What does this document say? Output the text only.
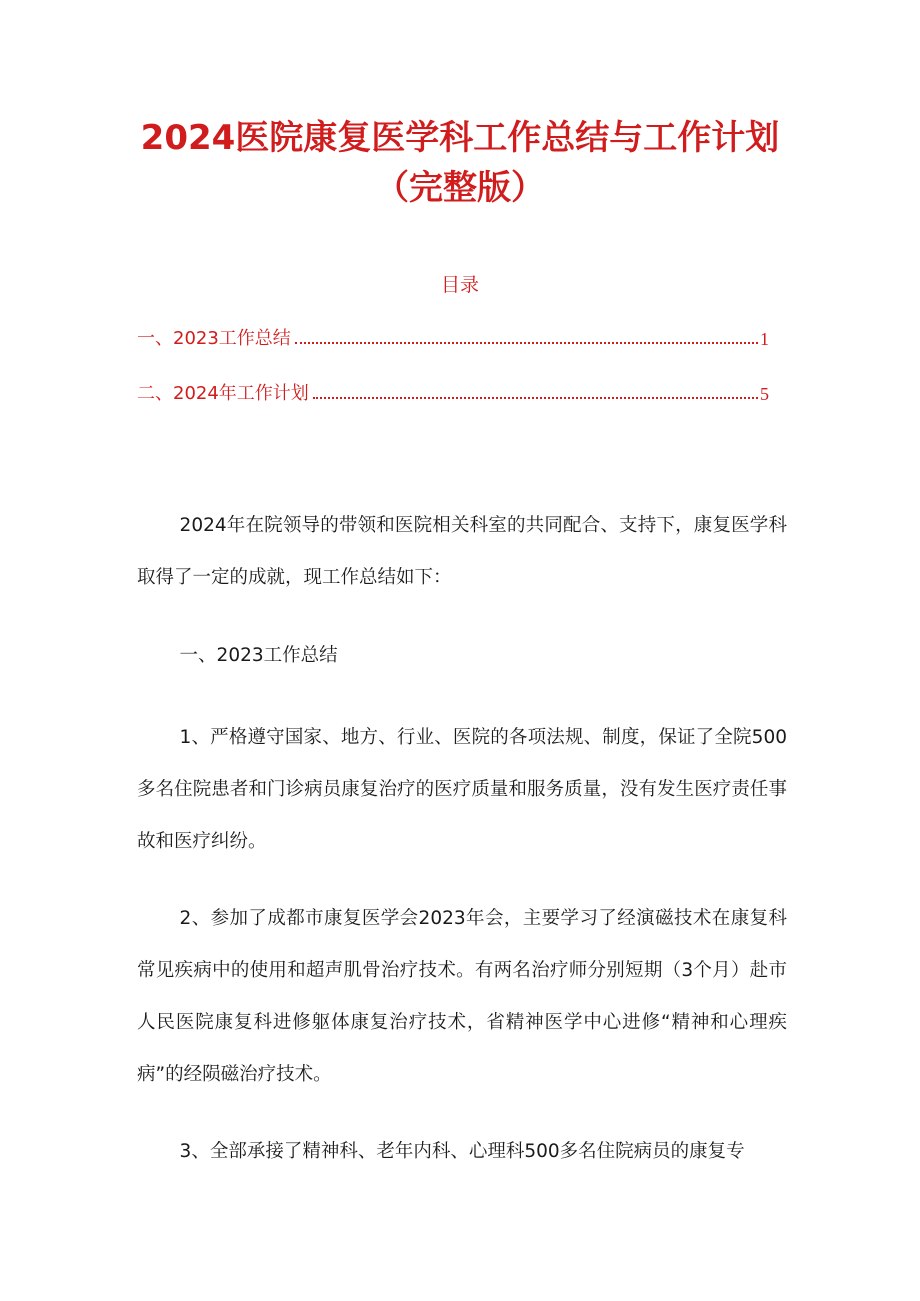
2024医院康复医学科工作总结与工作计划
（完整版）
目录
一、2023工作总结	1
二、2024年工作计划	5

2024年在院领导的带领和医院相关科室的共同配合、支持下，康复医学科取得了一定的成就，现工作总结如下：

一、2023工作总结

1、严格遵守国家、地方、行业、医院的各项法规、制度，保证了全院500多名住院患者和门诊病员康复治疗的医疗质量和服务质量，没有发生医疗责任事故和医疗纠纷。

2、参加了成都市康复医学会2023年会，主要学习了经演磁技术在康复科常见疾病中的使用和超声肌骨治疗技术。有两名治疗师分别短期（3个月）赴市人民医院康复科进修躯体康复治疗技术，省精神医学中心进修“精神和心理疾病”的经陨磁治疗技术。

3、全部承接了精神科、老年内科、心理科500多名住院病员的康复专
